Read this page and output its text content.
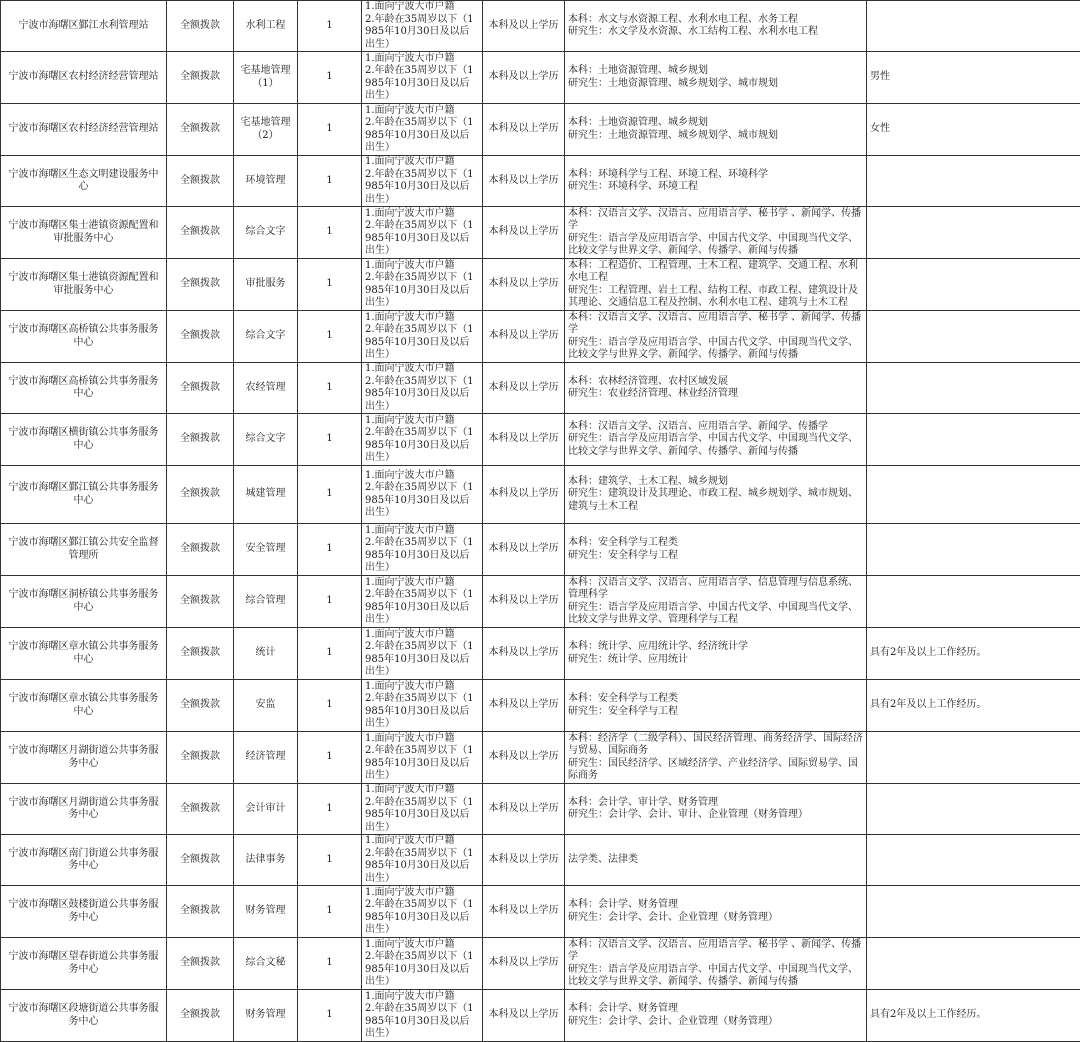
宁波市海曙区鄞江水利管理站	全额拨款	水利工程	1	1.面向宁波大市户籍
2.年龄在35周岁以下（1985年10月30日及以后出生）	本科及以上学历	本科：水文与水资源工程、水利水电工程、水务工程
研究生：水文学及水资源、水工结构工程、水利水电工程	
宁波市海曙区农村经济经营管理站	全额拨款	宅基地管理（1）	1	1.面向宁波大市户籍
2.年龄在35周岁以下（1985年10月30日及以后出生）	本科及以上学历	本科：土地资源管理、城乡规划
研究生：土地资源管理、城乡规划学、城市规划	男性
宁波市海曙区农村经济经营管理站	全额拨款	宅基地管理（2）	1	1.面向宁波大市户籍
2.年龄在35周岁以下（1985年10月30日及以后出生）	本科及以上学历	本科：土地资源管理、城乡规划
研究生：土地资源管理、城乡规划学、城市规划	女性
宁波市海曙区生态文明建设服务中心	全额拨款	环境管理	1	1.面向宁波大市户籍
2.年龄在35周岁以下（1985年10月30日及以后出生）	本科及以上学历	本科：环境科学与工程、环境工程、环境科学
研究生：环境科学、环境工程	
宁波市海曙区集士港镇资源配置和审批服务中心	全额拨款	综合文字	1	1.面向宁波大市户籍
2.年龄在35周岁以下（1985年10月30日及以后出生）	本科及以上学历	本科：汉语言文学、汉语言、应用语言学、秘书学 、新闻学、传播学
研究生：语言学及应用语言学、中国古代文学、中国现当代文学、比较文学与世界文学、新闻学、传播学、新闻与传播	
宁波市海曙区集士港镇资源配置和审批服务中心	全额拨款	审批服务	1	1.面向宁波大市户籍
2.年龄在35周岁以下（1985年10月30日及以后出生）	本科及以上学历	本科：工程造价、工程管理、土木工程、建筑学、交通工程、水利水电工程
研究生：工程管理、岩土工程、结构工程、市政工程、建筑设计及其理论、交通信息工程及控制、水利水电工程、建筑与土木工程	
宁波市海曙区高桥镇公共事务服务中心	全额拨款	综合文字	1	1.面向宁波大市户籍
2.年龄在35周岁以下（1985年10月30日及以后出生）	本科及以上学历	本科：汉语言文学、汉语言、应用语言学、秘书学 、新闻学、传播学
研究生：语言学及应用语言学、中国古代文学、中国现当代文学、比较文学与世界文学、新闻学、传播学、新闻与传播	
宁波市海曙区高桥镇公共事务服务中心	全额拨款	农经管理	1	1.面向宁波大市户籍
2.年龄在35周岁以下（1985年10月30日及以后出生）	本科及以上学历	本科：农林经济管理、农村区域发展
研究生：农业经济管理、林业经济管理	
宁波市海曙区横街镇公共事务服务中心	全额拨款	综合文字	1	1.面向宁波大市户籍
2.年龄在35周岁以下（1985年10月30日及以后出生）	本科及以上学历	本科：汉语言文学、汉语言、应用语言学、新闻学、传播学
研究生：语言学及应用语言学、中国古代文学、中国现当代文学、比较文学与世界文学、新闻学、传播学、新闻与传播	
宁波市海曙区鄞江镇公共事务服务中心	全额拨款	城建管理	1	1.面向宁波大市户籍
2.年龄在35周岁以下（1985年10月30日及以后出生）	本科及以上学历	本科：建筑学、土木工程、城乡规划
研究生：建筑设计及其理论、市政工程、城乡规划学、城市规划、建筑与土木工程	
宁波市海曙区鄞江镇公共安全监督管理所	全额拨款	安全管理	1	1.面向宁波大市户籍
2.年龄在35周岁以下（1985年10月30日及以后出生）	本科及以上学历	本科：安全科学与工程类
研究生：安全科学与工程	
宁波市海曙区洞桥镇公共事务服务中心	全额拨款	综合管理	1	1.面向宁波大市户籍
2.年龄在35周岁以下（1985年10月30日及以后出生）	本科及以上学历	本科：汉语言文学、汉语言、应用语言学、信息管理与信息系统、管理科学
研究生：语言学及应用语言学、中国古代文学、中国现当代文学、比较文学与世界文学、管理科学与工程	
宁波市海曙区章水镇公共事务服务中心	全额拨款	统计	1	1.面向宁波大市户籍
2.年龄在35周岁以下（1985年10月30日及以后出生）	本科及以上学历	本科：统计学、应用统计学、经济统计学
研究生：统计学、应用统计	具有2年及以上工作经历。
宁波市海曙区章水镇公共事务服务中心	全额拨款	安监	1	1.面向宁波大市户籍
2.年龄在35周岁以下（1985年10月30日及以后出生）	本科及以上学历	本科：安全科学与工程类
研究生：安全科学与工程	具有2年及以上工作经历。
宁波市海曙区月湖街道公共事务服务中心	全额拨款	经济管理	1	1.面向宁波大市户籍
2.年龄在35周岁以下（1985年10月30日及以后出生）	本科及以上学历	本科：经济学（二级学科）、国民经济管理、商务经济学、国际经济与贸易、国际商务
研究生：国民经济学、区域经济学、产业经济学、国际贸易学、国际商务	
宁波市海曙区月湖街道公共事务服务中心	全额拨款	会计审计	1	1.面向宁波大市户籍
2.年龄在35周岁以下（1985年10月30日及以后出生）	本科及以上学历	本科：会计学、审计学、财务管理
研究生：会计学、会计、审计、企业管理（财务管理）	
宁波市海曙区南门街道公共事务服务中心	全额拨款	法律事务	1	1.面向宁波大市户籍
2.年龄在35周岁以下（1985年10月30日及以后出生）	本科及以上学历	法学类、法律类	
宁波市海曙区鼓楼街道公共事务服务中心	全额拨款	财务管理	1	1.面向宁波大市户籍
2.年龄在35周岁以下（1985年10月30日及以后出生）	本科及以上学历	本科：会计学、财务管理
研究生：会计学、会计、企业管理（财务管理）	
宁波市海曙区望春街道公共事务服务中心	全额拨款	综合文秘	1	1.面向宁波大市户籍
2.年龄在35周岁以下（1985年10月30日及以后出生）	本科及以上学历	本科：汉语言文学、汉语言、应用语言学、秘书学 、新闻学、传播学
研究生：语言学及应用语言学、中国古代文学、中国现当代文学、比较文学与世界文学、新闻学、传播学、新闻与传播	
宁波市海曙区段塘街道公共事务服务中心	全额拨款	财务管理	1	1.面向宁波大市户籍
2.年龄在35周岁以下（1985年10月30日及以后出生）	本科及以上学历	本科：会计学、财务管理
研究生：会计学、会计、企业管理（财务管理）	具有2年及以上工作经历。
